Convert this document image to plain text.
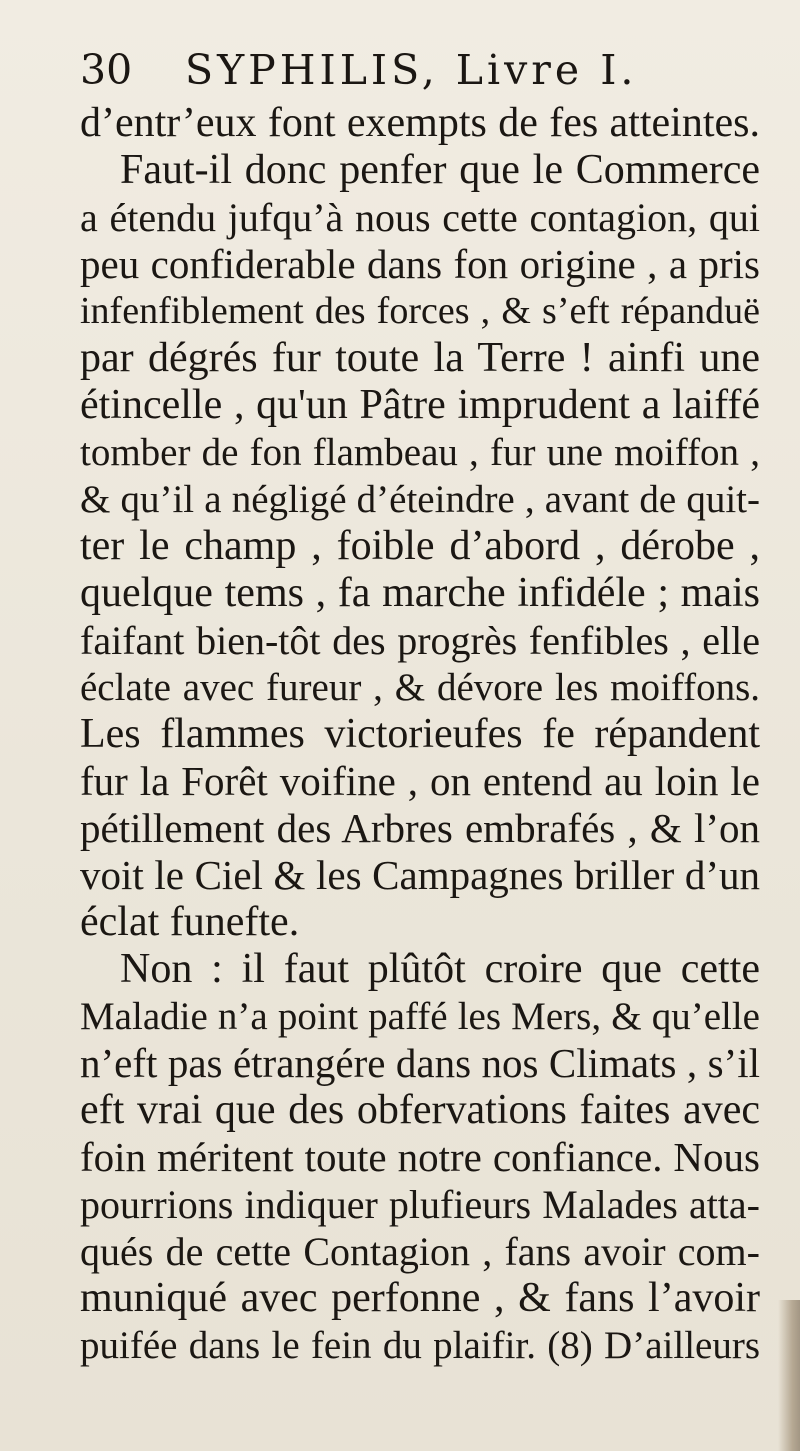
30 SYPHILIS, Livre I.
d’entr’eux font exempts de fes atteintes.
Faut-il donc penfer que le Commerce
a étendu jufqu’à nous cette contagion, qui
peu confiderable dans fon origine , a pris
infenfiblement des forces , & s’eft répanduë
par dégrés fur toute la Terre ! ainfi une
étincelle , qu'un Pâtre imprudent a laiffé
tomber de fon flambeau , fur une moiffon ,
& qu’il a négligé d’éteindre , avant de quit-
ter le champ , foible d’abord , dérobe ,
quelque tems , fa marche infidéle ; mais
faifant bien-tôt des progrès fenfibles , elle
éclate avec fureur , & dévore les moiffons.
Les flammes victorieufes fe répandent
fur la Forêt voifine , on entend au loin le
pétillement des Arbres embrafés , & l’on
voit le Ciel & les Campagnes briller d’un
éclat funefte.
Non : il faut plûtôt croire que cette
Maladie n’a point paffé les Mers, & qu’elle
n’eft pas étrangére dans nos Climats , s’il
eft vrai que des obfervations faites avec
foin méritent toute notre confiance. Nous
pourrions indiquer plufieurs Malades atta-
qués de cette Contagion , fans avoir com-
muniqué avec perfonne , & fans l’avoir
puifée dans le fein du plaifir. (8) D’ailleurs
